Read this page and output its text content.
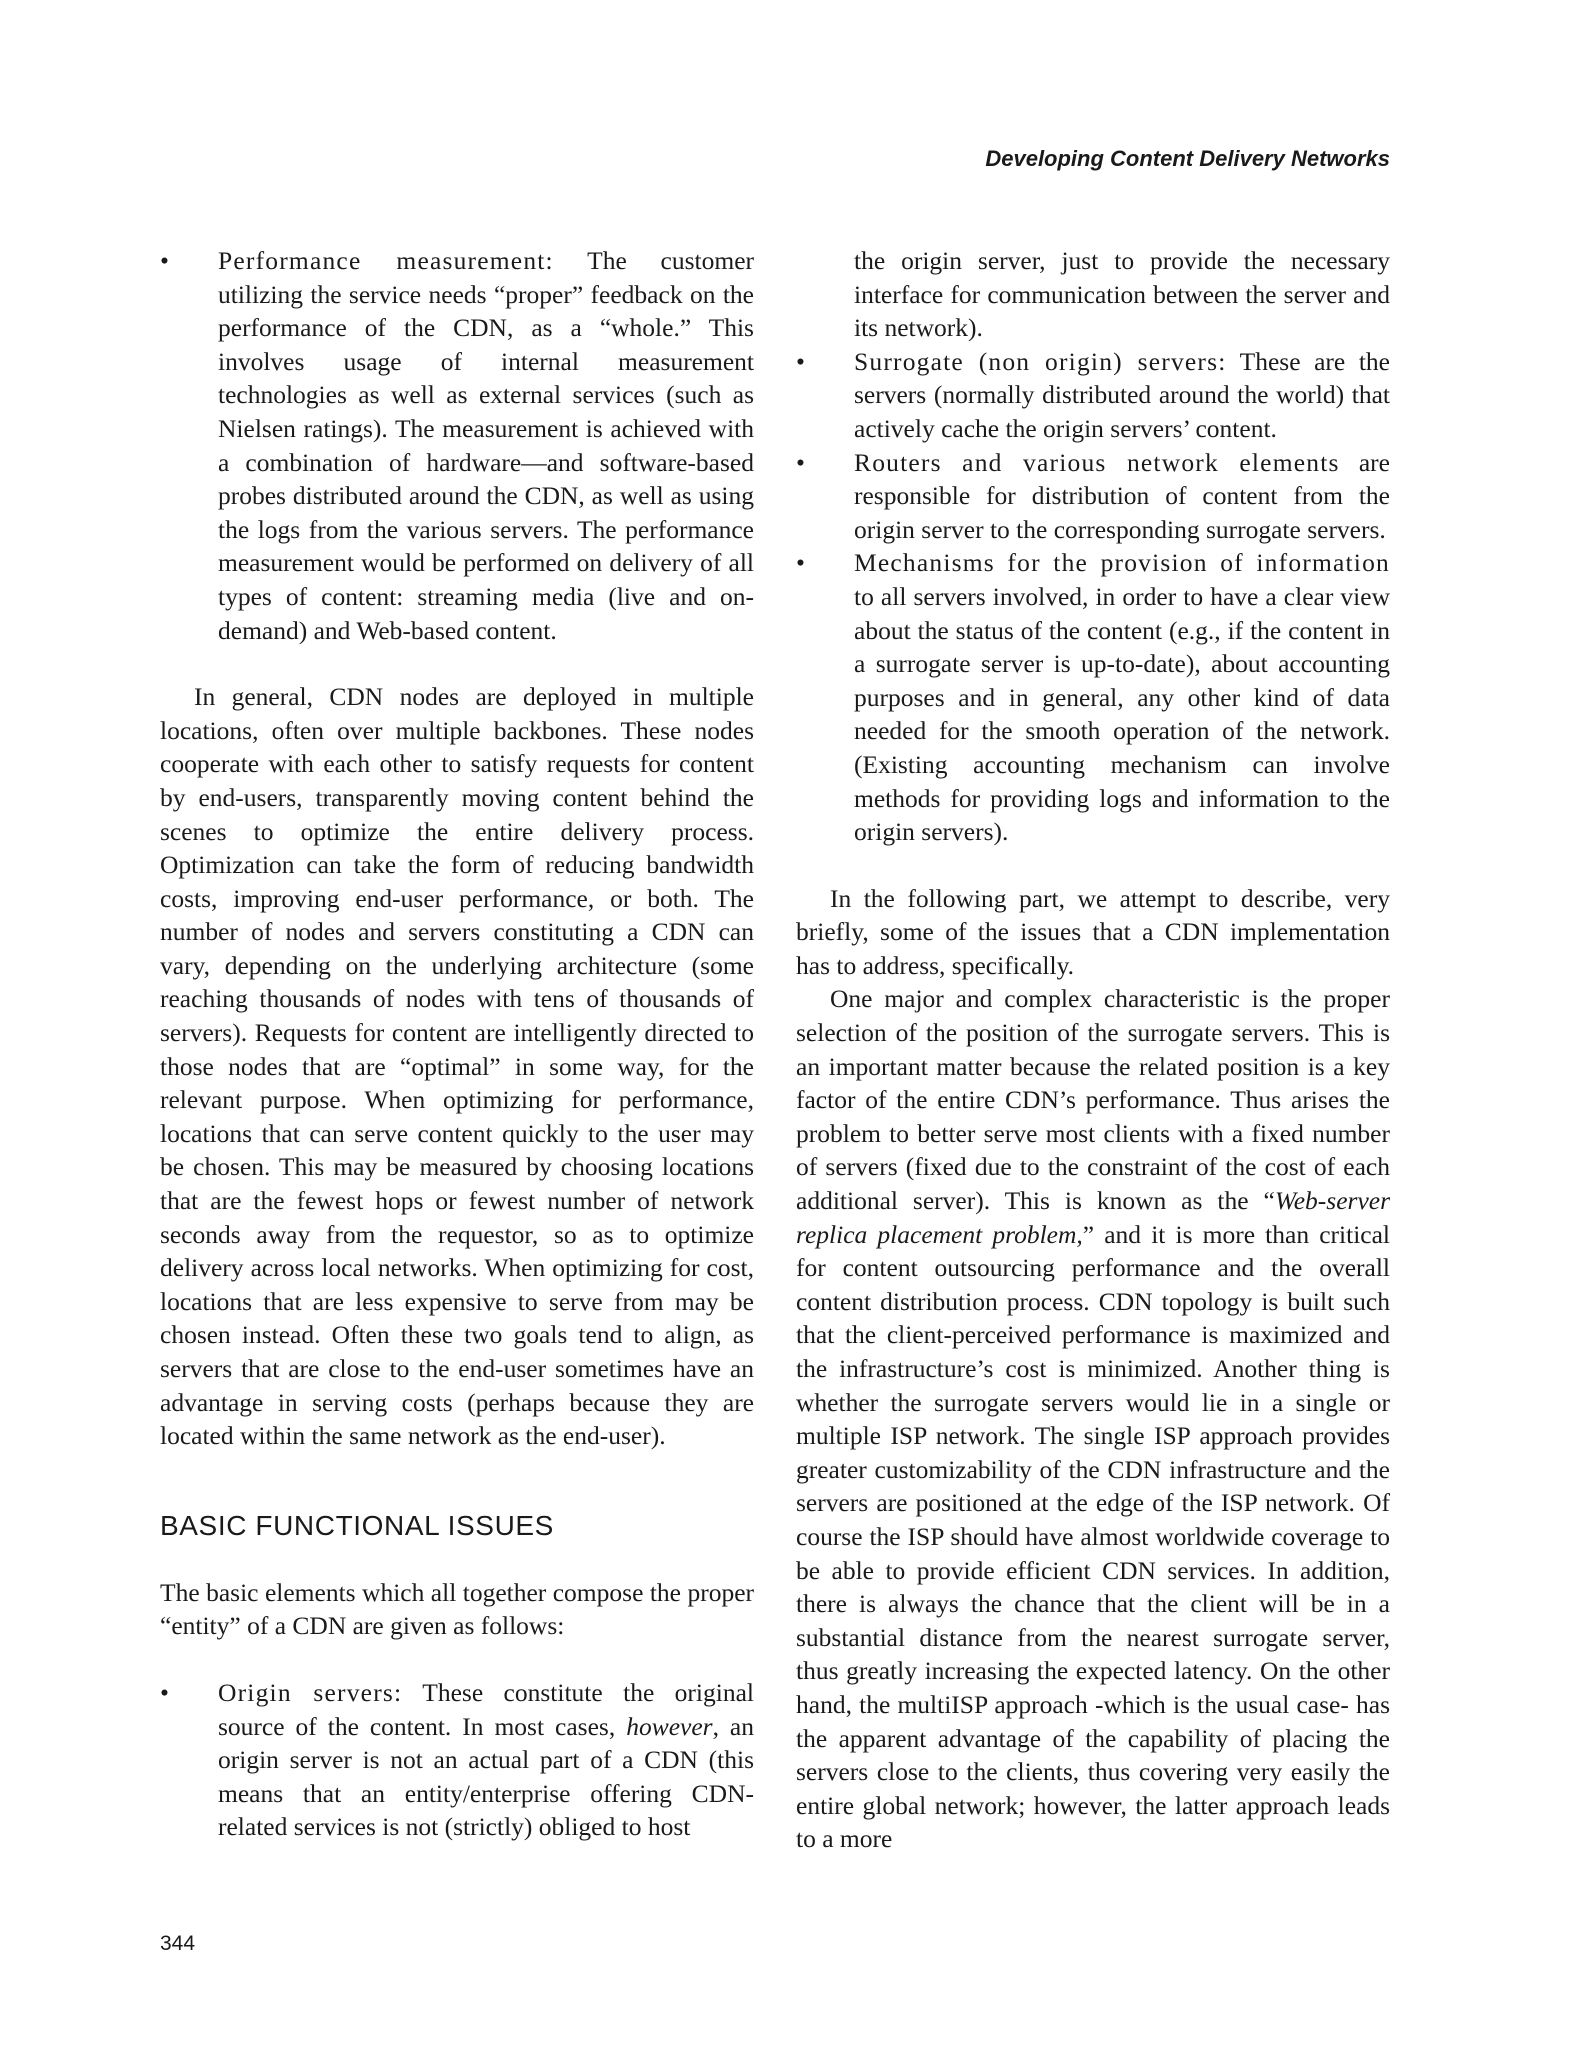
Developing Content Delivery Networks
•	Performance measurement: The customer utilizing the service needs “proper” feedback on the performance of the CDN, as a “whole.” This involves usage of internal measurement technologies as well as external services (such as Nielsen ratings). The measurement is achieved with a combination of hardware—and software-based probes distributed around the CDN, as well as using the logs from the various servers. The performance measurement would be performed on delivery of all types of content: streaming media (live and on-demand) and Web-based content.

In general, CDN nodes are deployed in multiple locations, often over multiple backbones. These nodes cooperate with each other to satisfy requests for content by end-users, transparently moving content behind the scenes to optimize the entire delivery process. Optimization can take the form of reducing bandwidth costs, improving end-user performance, or both. The number of nodes and servers constituting a CDN can vary, depending on the underlying architecture (some reaching thousands of nodes with tens of thousands of servers). Requests for content are intelligently directed to those nodes that are “optimal” in some way, for the relevant purpose. When optimizing for performance, locations that can serve content quickly to the user may be chosen. This may be measured by choosing locations that are the fewest hops or fewest number of network seconds away from the requestor, so as to optimize delivery across local networks. When optimizing for cost, locations that are less expensive to serve from may be chosen instead. Often these two goals tend to align, as servers that are close to the end-user sometimes have an advantage in serving costs (perhaps because they are located within the same network as the end-user).

BASIC FUNCTIONAL ISSUES

The basic elements which all together compose the proper “entity” of a CDN are given as follows:

•	Origin servers: These constitute the original source of the content. In most cases, however, an origin server is not an actual part of a CDN (this means that an entity/enterprise offering CDN-related services is not (strictly) obliged to host
the origin server, just to provide the necessary interface for communication between the server and its network).
•	Surrogate (non origin) servers: These are the servers (normally distributed around the world) that actively cache the origin servers’ content.
•	Routers and various network elements are responsible for distribution of content from the origin server to the corresponding surrogate servers.
•	Mechanisms for the provision of information to all servers involved, in order to have a clear view about the status of the content (e.g., if the content in a surrogate server is up-to-date), about accounting purposes and in general, any other kind of data needed for the smooth operation of the network. (Existing accounting mechanism can involve methods for providing logs and information to the origin servers).

In the following part, we attempt to describe, very briefly, some of the issues that a CDN implementation has to address, specifically.

One major and complex characteristic is the proper selection of the position of the surrogate servers. This is an important matter because the related position is a key factor of the entire CDN’s performance. Thus arises the problem to better serve most clients with a fixed number of servers (fixed due to the constraint of the cost of each additional server). This is known as the “Web-server replica placement problem,” and it is more than critical for content outsourcing performance and the overall content distribution process. CDN topology is built such that the client-perceived performance is maximized and the infrastructure’s cost is minimized. Another thing is whether the surrogate servers would lie in a single or multiple ISP network. The single ISP approach provides greater customizability of the CDN infrastructure and the servers are positioned at the edge of the ISP network. Of course the ISP should have almost worldwide coverage to be able to provide efficient CDN services. In addition, there is always the chance that the client will be in a substantial distance from the nearest surrogate server, thus greatly increasing the expected latency. On the other hand, the multiISP approach -which is the usual case- has the apparent advantage of the capability of placing the servers close to the clients, thus covering very easily the entire global network; however, the latter approach leads to a more

344
